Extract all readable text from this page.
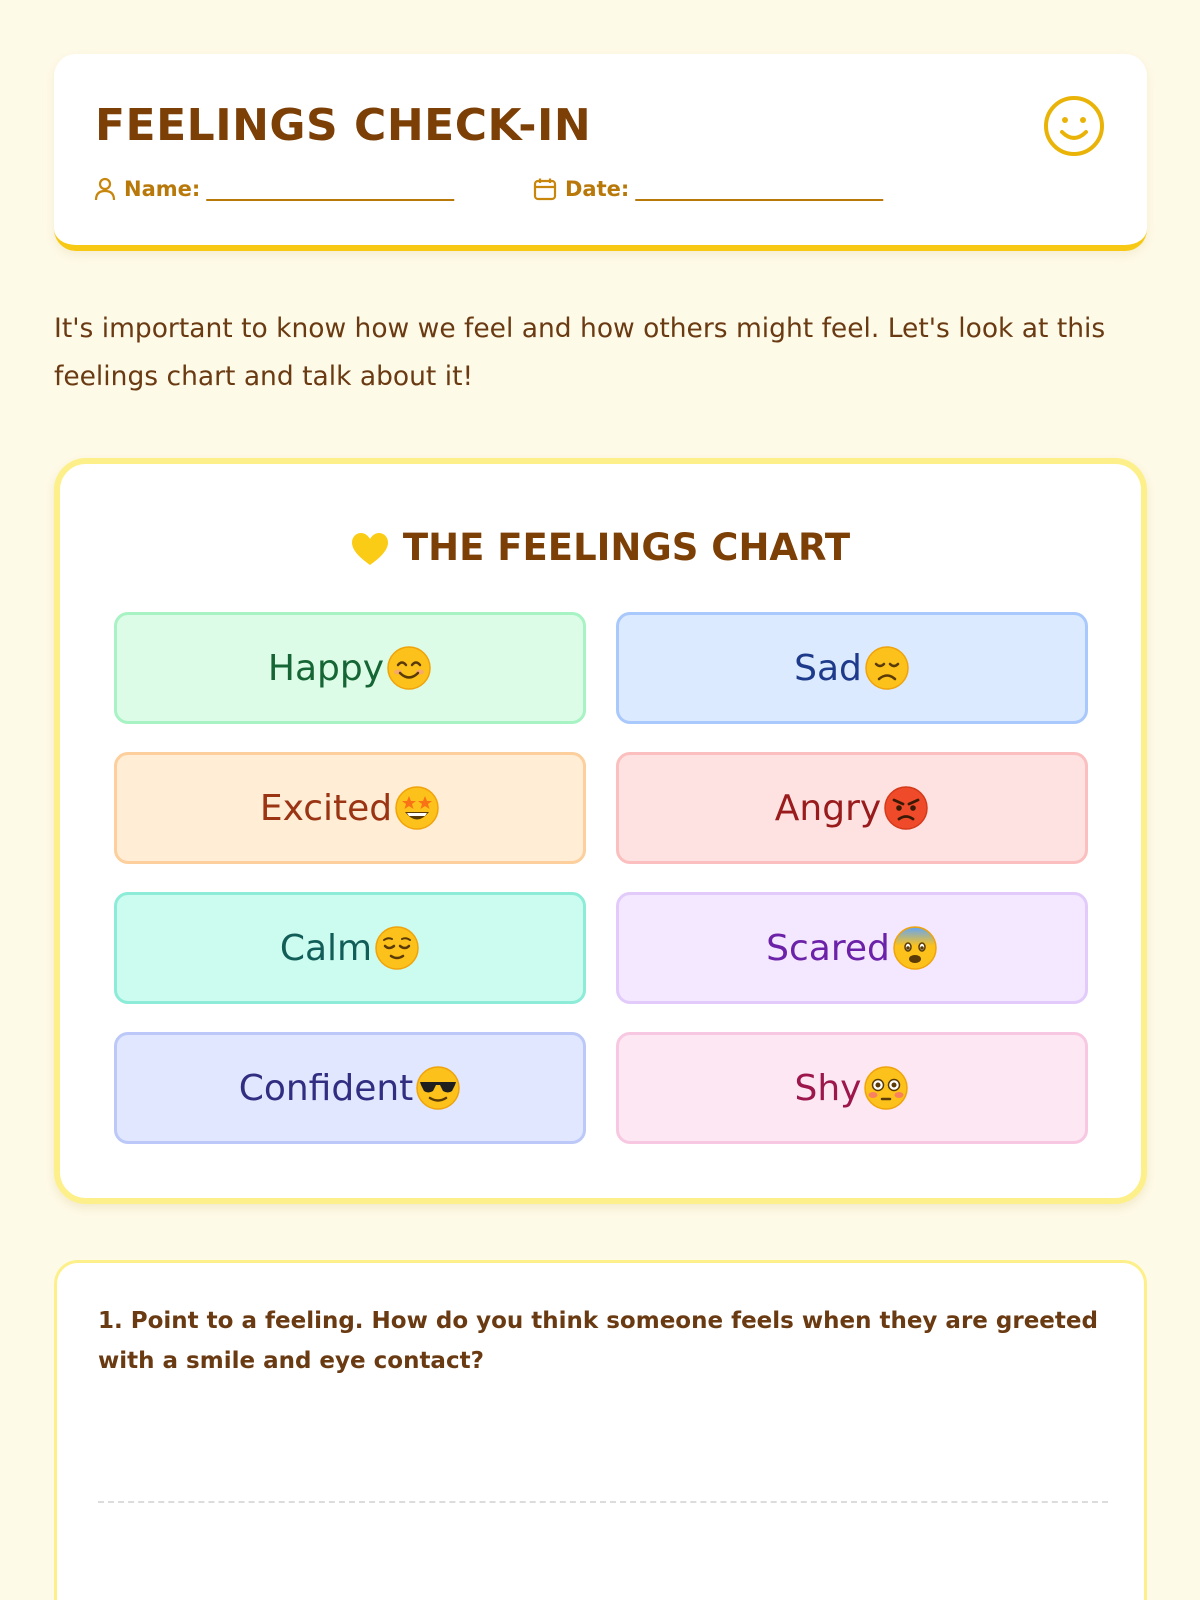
FEELINGS CHECK-IN
Name: __________________________	Date: __________________________

It's important to know how we feel and how others might feel. Let's look at this feelings chart and talk about it!

THE FEELINGS CHART
Happy	Sad
Excited	Angry
Calm	Scared
Confident	Shy

1. Point to a feeling. How do you think someone feels when they are greeted with a smile and eye contact?
